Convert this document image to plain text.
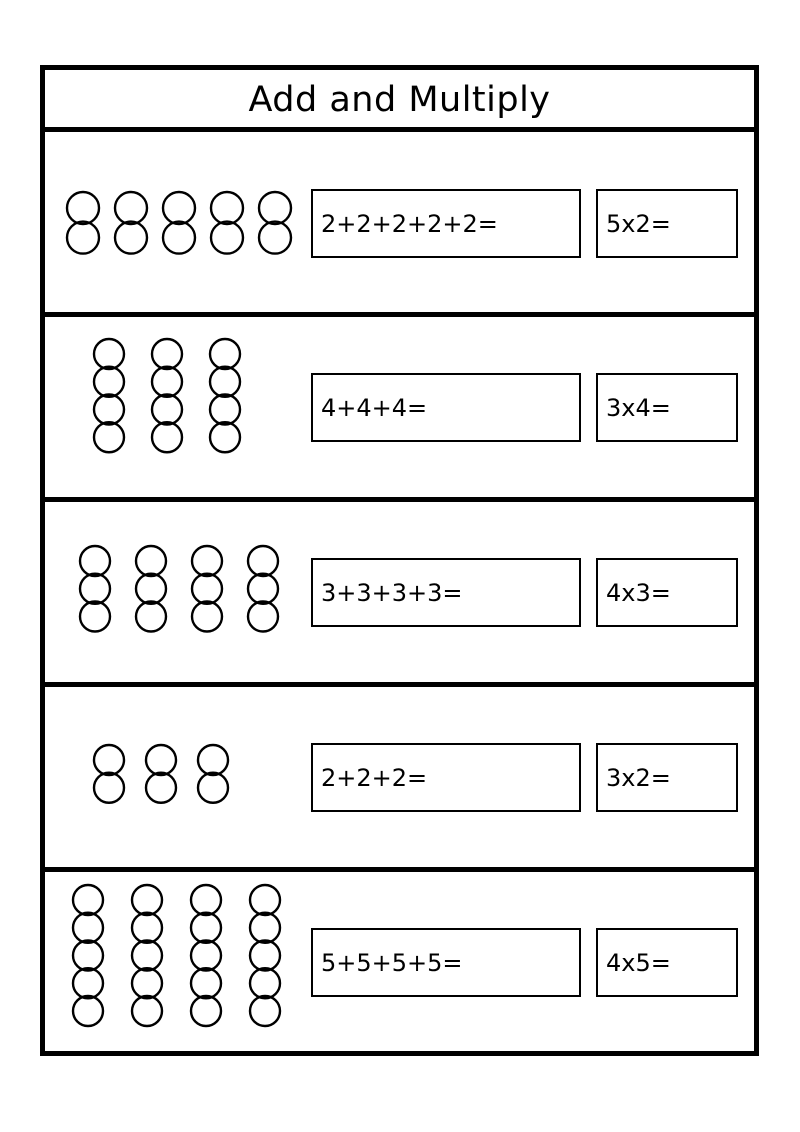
Add and Multiply
2+2+2+2+2=	5x2=
4+4+4=	3x4=
3+3+3+3=	4x3=
2+2+2=	3x2=
5+5+5+5=	4x5=
